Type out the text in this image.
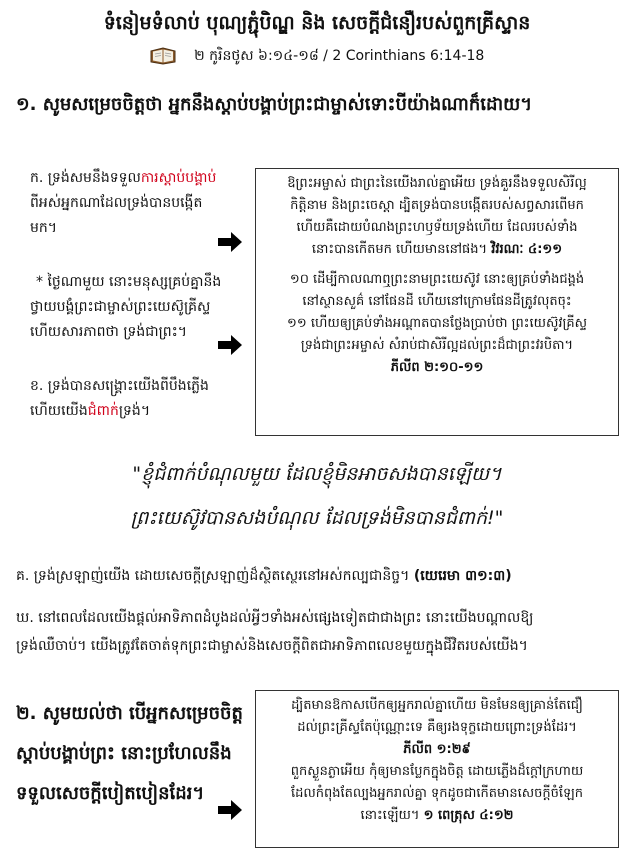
ទំនៀមទំលាប់ បុណ្យភ្ជុំបិណ្ឌ និង សេចក្តីជំនឿរបស់ពួកគ្រីស្ទាន
២ កូរិនថូស ៦:១៤-១៨ / 2 Corinthians 6:14-18
១. សូមសម្រេចចិត្តថា អ្នកនឹងស្តាប់បង្គាប់ព្រះជាម្ចាស់ទោះបីយ៉ាងណាក៏ដោយ។
ក. ទ្រង់សមនឹងទទួលការស្តាប់បង្គាប់
ពីអស់អ្នកណាដែលទ្រង់បានបង្កើត
មក។
* ថ្ងៃណាមួយ នោះមនុស្សគ្រប់គ្នានឹង
ថ្វាយបង្គំព្រះជាម្ចាស់ព្រះយេស៊ូគ្រីស្ទ
ហើយសារភាពថា ទ្រង់ជាព្រះ។
ខ. ទ្រង់បានសង្គ្រោះយើងពីបឹងភ្លើង
ហើយយើងជំពាក់ទ្រង់។

ឱព្រះអម្ចាស់ ជាព្រះនៃយើងរាល់គ្នាអើយ ទ្រង់គួរនឹងទទួលសិរីល្អ

កិត្តិនាម និងព្រះចេស្តា ដ្បិតទ្រង់បានបង្កើតរបស់សព្វសារពើមក

ហើយគឺដោយបំណងព្រះហឫទ័យទ្រង់ហើយ ដែលរបស់ទាំង

នោះបានកើតមក ហើយមាននៅផង។ វិវរណៈ ៤:១១

១០ ដើម្បីកាលណាឮព្រះនាមព្រះយេស៊ូវ នោះឲ្យគ្រប់ទាំងជង្គង់

នៅស្ថានសួគ៌ នៅផែនដី ហើយនៅក្រោមផែនដីត្រូវលុតចុះ

១១ ហើយឲ្យគ្រប់ទាំងអណ្តាតបានថ្លែងប្រាប់ថា ព្រះយេស៊ូវគ្រីស្ទ

ទ្រង់ជាព្រះអម្ចាស់ សំរាប់ជាសិរីល្អដល់ព្រះដ៏ជាព្រះវរបិតា។

ភីលីព ២:១០-១១

"ខ្ញុំជំពាក់បំណុលមួយ ដែលខ្ញុំមិនអាចសងបានឡើយ។
ព្រះយេស៊ូវបានសងបំណុល ដែលទ្រង់មិនបានជំពាក់!"
គ. ទ្រង់ស្រឡាញ់យើង ដោយសេចក្តីស្រឡាញ់ដ៏ស្ថិតស្ថេរនៅអស់កល្បជានិច្ច។ (យេរេមា ៣១:៣)
ឃ. នៅពេលដែលយើងផ្តល់អាទិភាពដំបូងដល់អ្វីៗទាំងអស់ផ្សេងទៀតជាជាងព្រះ នោះយើងបណ្តាលឱ្យ
ទ្រង់ឈឺចាប់។ យើងត្រូវតែចាត់ទុកព្រះជាម្ចាស់និងសេចក្តីពិតជាអាទិភាពលេខមួយក្នុងជីវិតរបស់យើង។
២. សូមយល់ថា បើអ្នកសម្រេចចិត្ត
ស្តាប់បង្គាប់ព្រះ នោះប្រហែលនឹង
ទទួលសេចក្តីបៀតបៀនដែរ។

ដ្បិតមានឱកាសបើកឲ្យអ្នករាល់គ្នាហើយ មិនមែនឲ្យគ្រាន់តែជឿ

ដល់ព្រះគ្រីស្ទតែប៉ុណ្ណោះទេ គឺឲ្យរងទុក្ខដោយព្រោះទ្រង់ដែរ។

ភីលីព ១:២៩

ពួកស្ងួនភ្ងាអើយ កុំឲ្យមានប្លែកក្នុងចិត្ត ដោយភ្លើងដ៏ក្តៅក្រហាយ

ដែលកំពុងតែល្បងអ្នករាល់គ្នា ទុកដូចជាកើតមានសេចក្តីចំឡែក

នោះឡើយ។ ១ ពេត្រុស ៤:១២
